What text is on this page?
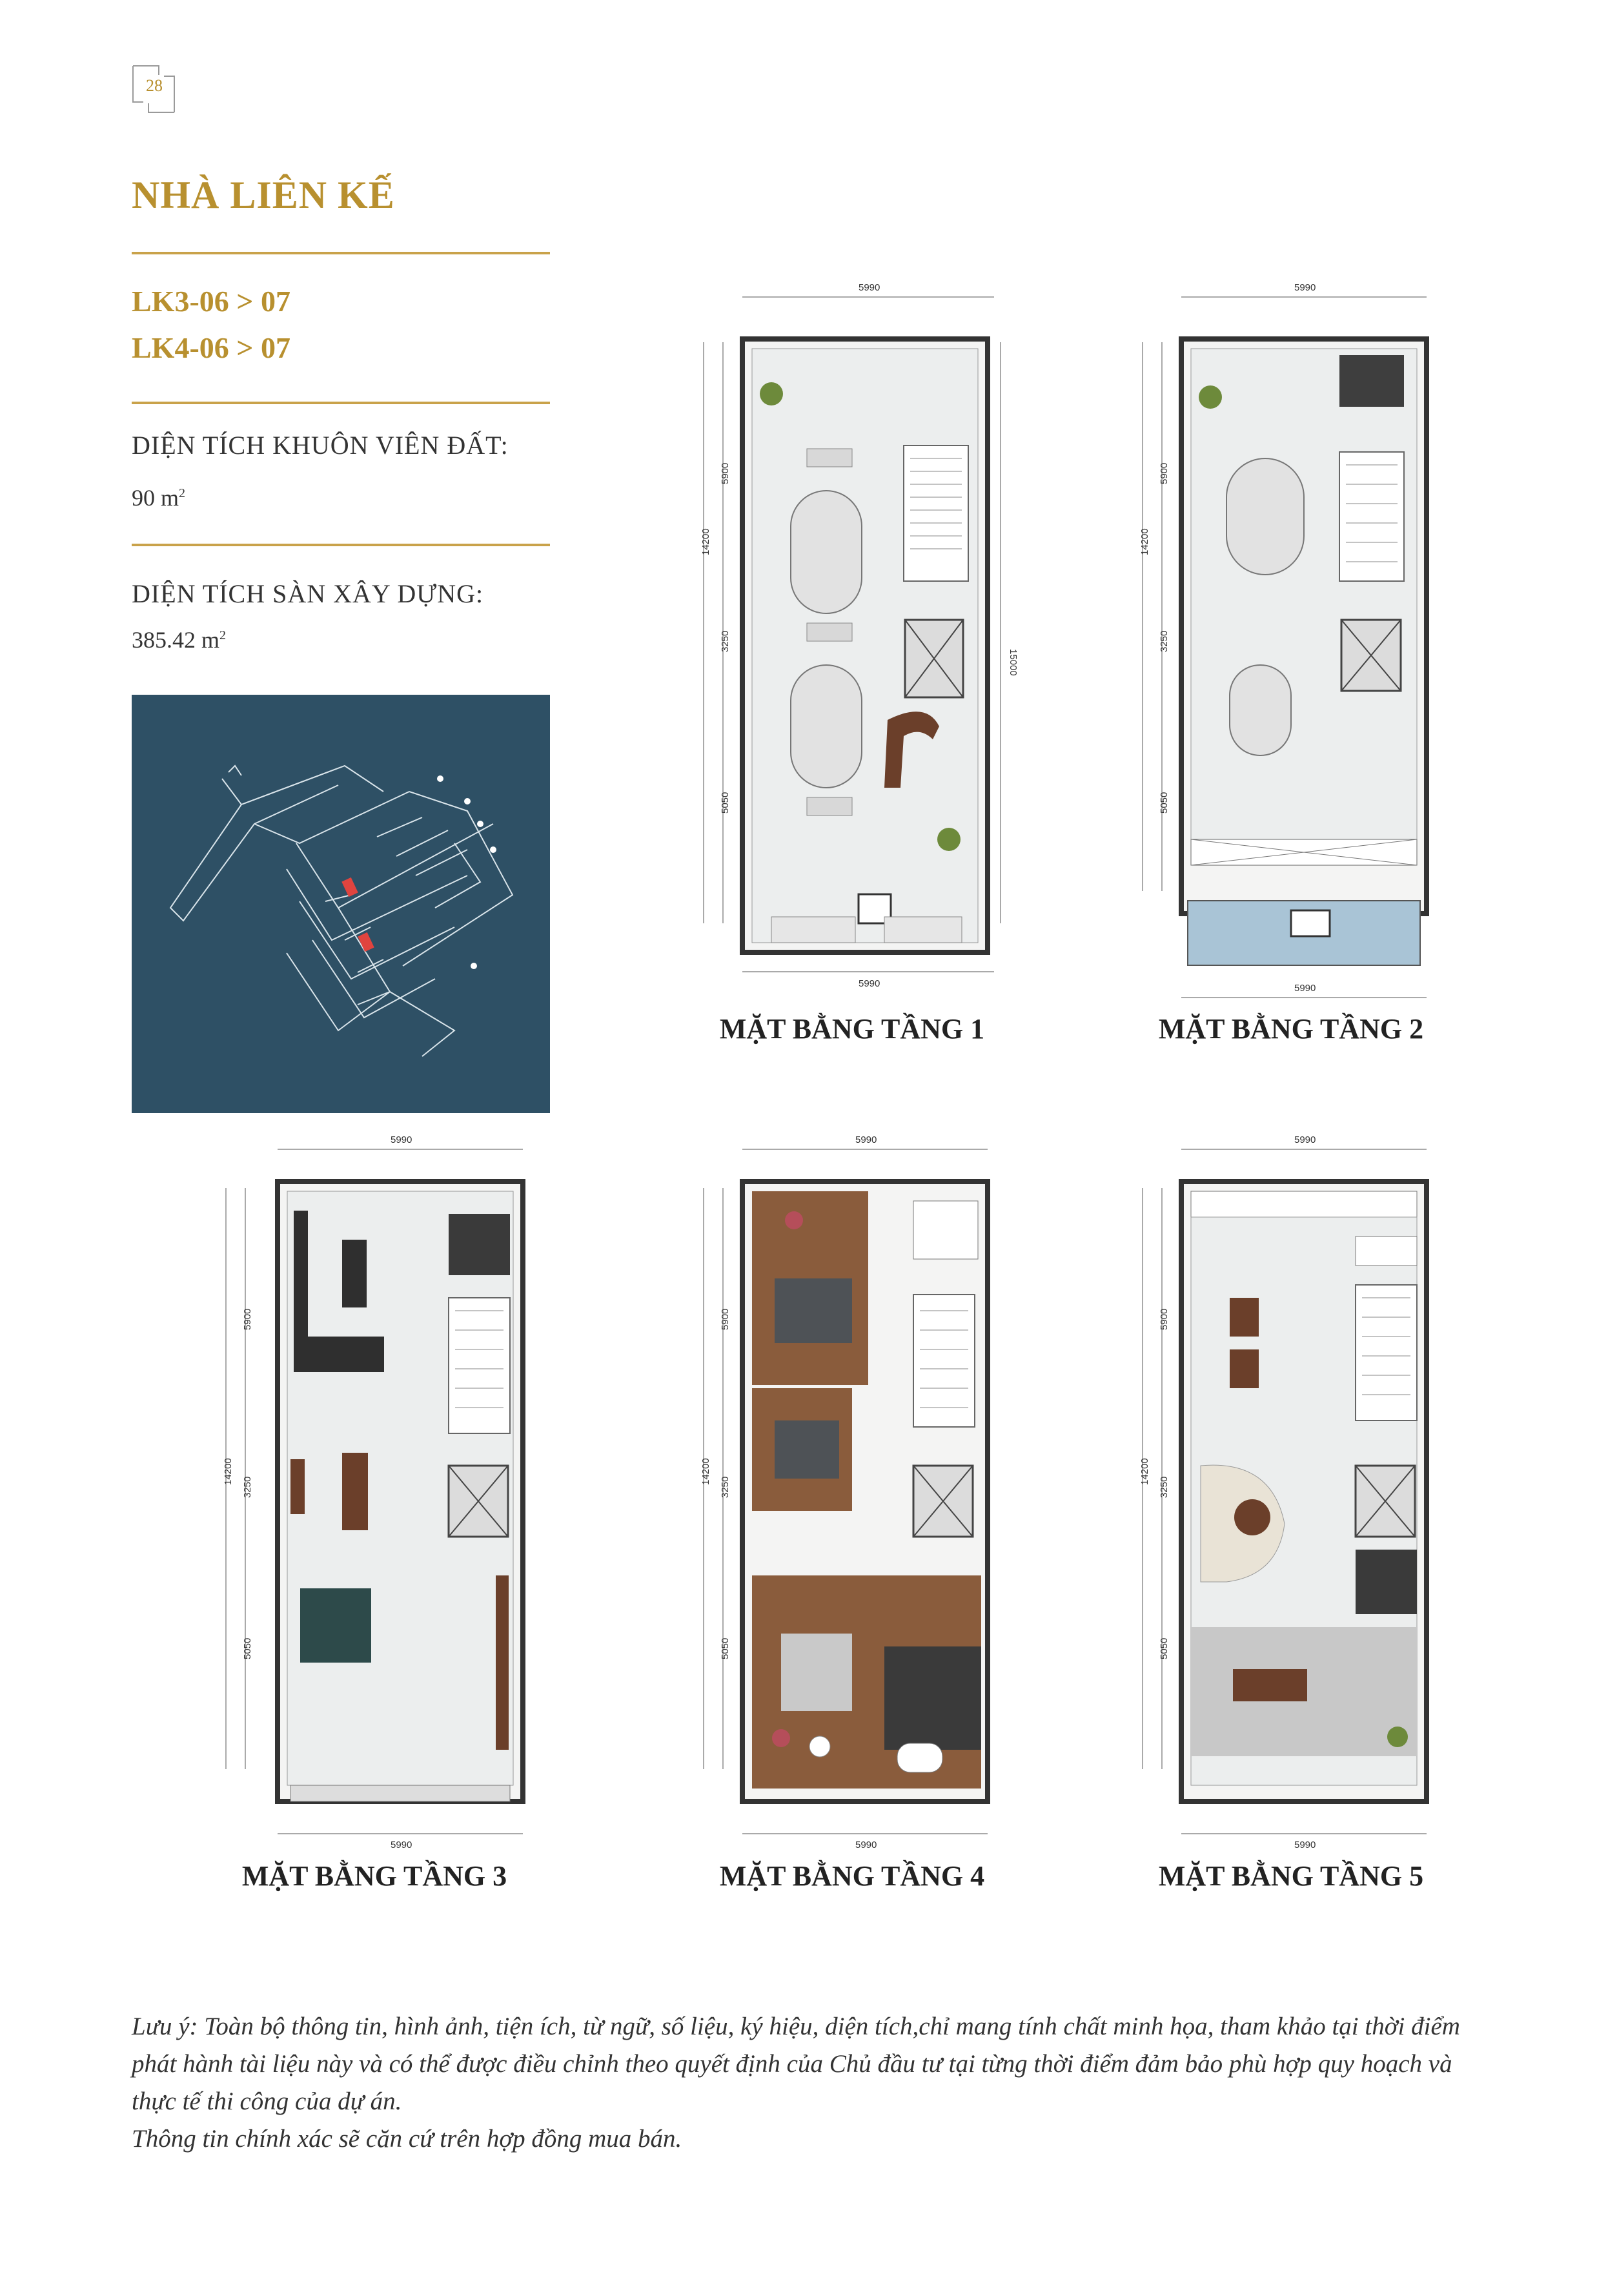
28
NHÀ LIÊN KẾ
LK3-06 > 07
LK4-06 > 07
DIỆN TÍCH KHUÔN VIÊN ĐẤT:
90 $m^2$
DIỆN TÍCH SÀN XÂY DỰNG:
385.42 $m^2$
5990
5990
14200
5900
3250
5050
15000
MẶT BẰNG TẦNG 1
5990
5990
14200
5900
3250
5050
MẶT BẰNG TẦNG 2
5990
5990
14200
5900
3250
5050
MẶT BẰNG TẦNG 3
5990
5990
14200
5900
3250
5050
MẶT BẰNG TẦNG 4
5990
5990
14200
5900
3250
5050
MẶT BẰNG TẦNG 5

Lưu ý: Toàn bộ thông tin, hình ảnh, tiện ích, từ ngữ, số liệu, ký hiệu, diện tích,chỉ mang tính chất minh họa, tham khảo tại thời điểm phát hành tài liệu này và có thể được điều chỉnh theo quyết định của Chủ đầu tư tại từng thời điểm đảm bảo phù hợp quy hoạch và thực tế thi công của dự án.

Thông tin chính xác sẽ căn cứ trên hợp đồng mua bán.
